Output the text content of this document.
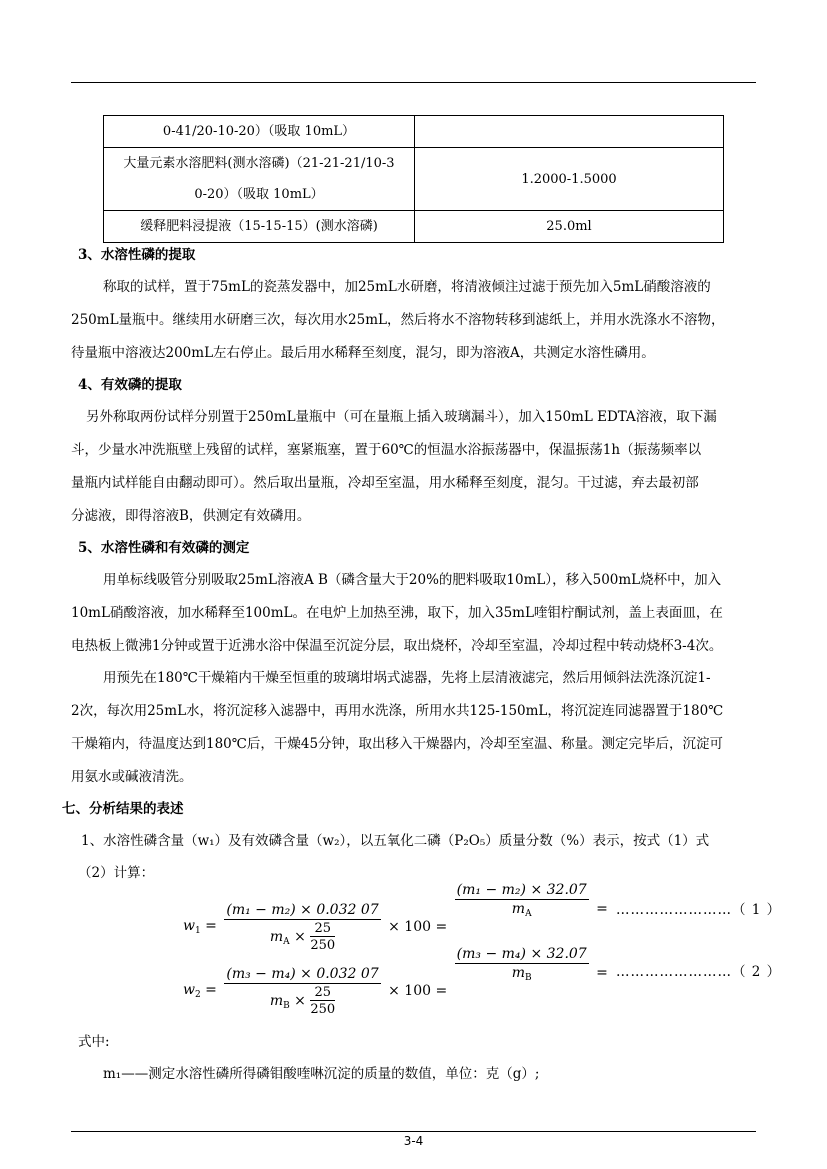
0-41/20-10-20）（吸取 10mL）	

大量元素水溶肥料(测水溶磷)（21-21-21/10-3
0-20）（吸取 10mL）	1.2000-1.5000
缓释肥料浸提液（15-15-15）(测水溶磷)	25.0ml
3、水溶性磷的提取
称取的试样，置于75mL的瓷蒸发器中，加25mL水研磨，将清液倾注过滤于预先加入5mL硝酸溶液的
250mL量瓶中。继续用水研磨三次，每次用水25mL，然后将水不溶物转移到滤纸上，并用水洗涤水不溶物，
待量瓶中溶液达200mL左右停止。最后用水稀释至刻度，混匀，即为溶液A，共测定水溶性磷用。
4、有效磷的提取
另外称取两份试样分别置于250mL量瓶中（可在量瓶上插入玻璃漏斗），加入150mL EDTA溶液，取下漏
斗，少量水冲洗瓶壁上残留的试样，塞紧瓶塞，置于60℃的恒温水浴振荡器中，保温振荡1h（振荡频率以
量瓶内试样能自由翻动即可）。然后取出量瓶，冷却至室温，用水稀释至刻度，混匀。干过滤，弃去最初部
分滤液，即得溶液B，供测定有效磷用。
5、水溶性磷和有效磷的测定
用单标线吸管分别吸取25mL溶液A B（磷含量大于20%的肥料吸取10mL），移入500mL烧杯中，加入
10mL硝酸溶液，加水稀释至100mL。在电炉上加热至沸，取下，加入35mL喹钼柠酮试剂，盖上表面皿，在
电热板上微沸1分钟或置于近沸水浴中保温至沉淀分层，取出烧杯，冷却至室温，冷却过程中转动烧杯3-4次。
用预先在180℃干燥箱内干燥至恒重的玻璃坩埚式滤器，先将上层清液滤完，然后用倾斜法洗涤沉淀1-
2次，每次用25mL水，将沉淀移入滤器中，再用水洗涤，所用水共125-150mL，将沉淀连同滤器置于180℃
干燥箱内，待温度达到180℃后，干燥45分钟，取出移入干燥器内，冷却至室温、称量。测定完毕后，沉淀可
用氨水或碱液清洗。
七、分析结果的表述
1、水溶性磷含量（w₁）及有效磷含量（w₂），以五氧化二磷（P₂O₅）质量分数（%）表示，按式（1）式
（2）计算：
$w_1 = \frac{\text{(m₁ − m₂) × 0.032 07}}{m_A \times \frac{25}{250}} \times 100$ =
$\frac{\text{(m₁ − m₂) × 32.07}}{m_A}$ = ……………………（ 1 ）
$w_2 = \frac{\text{(m₃ − m₄) × 0.032 07}}{m_B \times \frac{25}{250}} \times 100$ =
$\frac{\text{(m₃ − m₄) × 32.07}}{m_B}$ = ……………………（ 2 ）
式中:
m₁——测定水溶性磷所得磷钼酸喹啉沉淀的质量的数值，单位：克（g）;
3-4
